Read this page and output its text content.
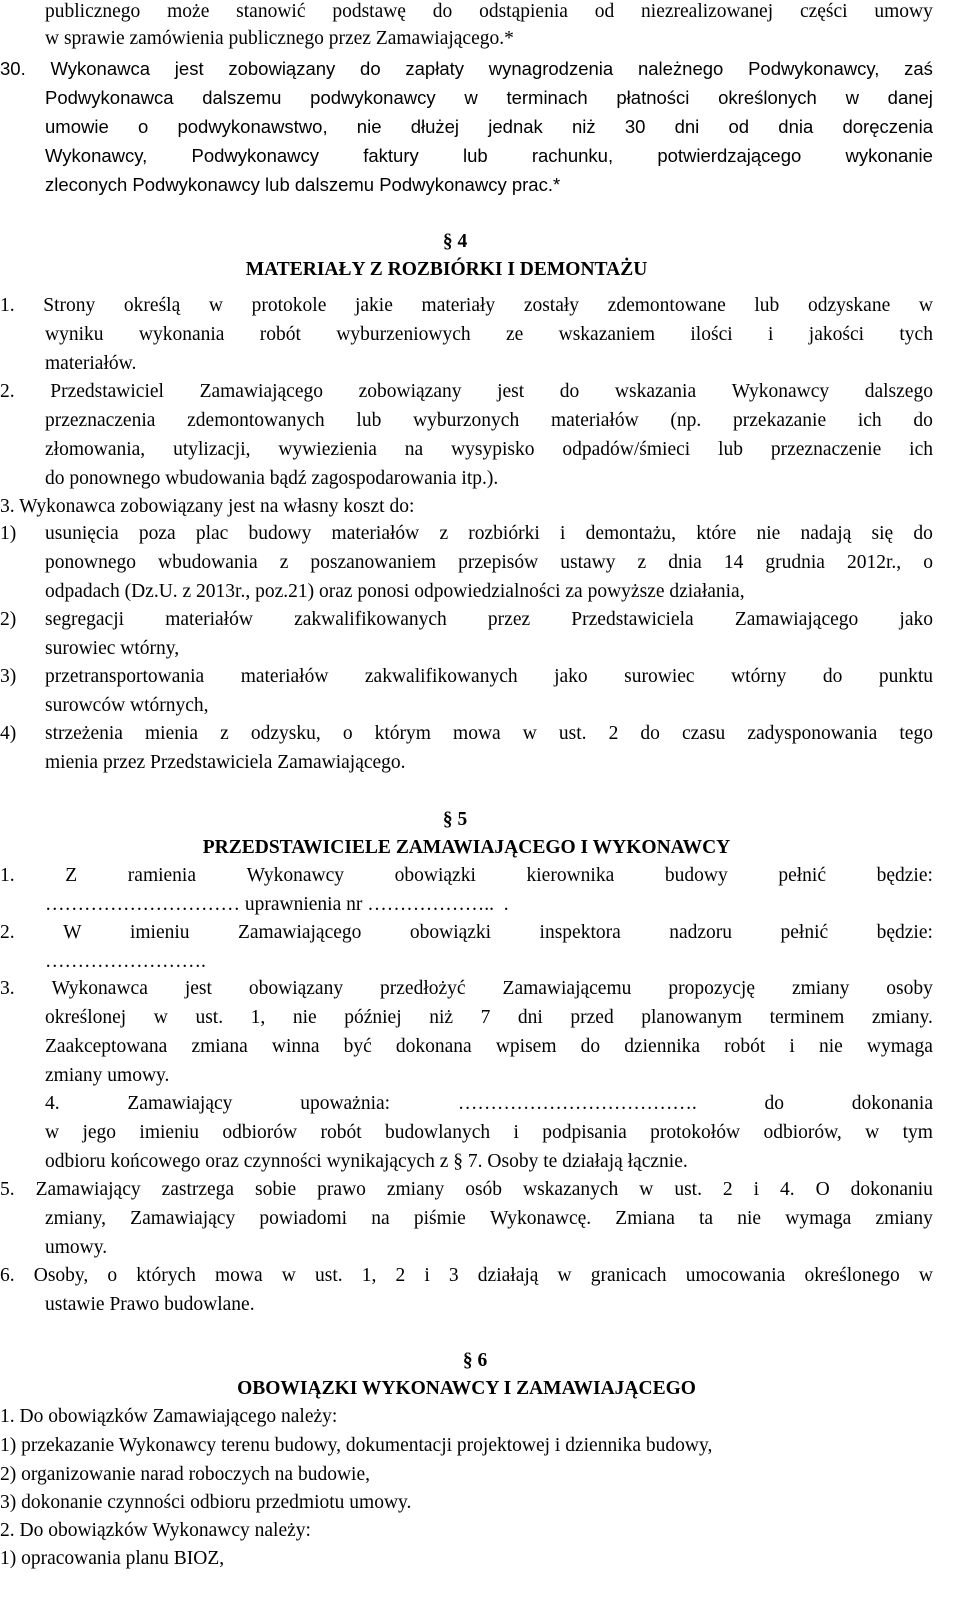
publicznego może stanowić podstawę do odstąpienia od niezrealizowanej części umowy
w sprawie zamówienia publicznego przez Zamawiającego.*
30. Wykonawca jest zobowiązany do zapłaty wynagrodzenia należnego Podwykonawcy, zaś
Podwykonawca dalszemu podwykonawcy w terminach płatności określonych w danej
umowie o podwykonawstwo, nie dłużej jednak niż 30 dni od dnia doręczenia
Wykonawcy, Podwykonawcy faktury lub rachunku, potwierdzającego wykonanie
zleconych Podwykonawcy lub dalszemu Podwykonawcy prac.*
§ 4
MATERIAŁY Z ROZBIÓRKI I DEMONTAŻU
1. Strony określą w protokole jakie materiały zostały zdemontowane lub odzyskane w
wyniku wykonania robót wyburzeniowych ze wskazaniem ilości i jakości tych
materiałów.
2. Przedstawiciel Zamawiającego zobowiązany jest do wskazania Wykonawcy dalszego
przeznaczenia zdemontowanych lub wyburzonych materiałów (np. przekazanie ich do
złomowania, utylizacji, wywiezienia na wysypisko odpadów/śmieci lub przeznaczenie ich
do ponownego wbudowania bądź zagospodarowania itp.).
3. Wykonawca zobowiązany jest na własny koszt do:
1) usunięcia poza plac budowy materiałów z rozbiórki i demontażu, które nie nadają się do
ponownego wbudowania z poszanowaniem przepisów ustawy z dnia 14 grudnia 2012r., o
odpadach (Dz.U. z 2013r., poz.21) oraz ponosi odpowiedzialności za powyższe działania,
2) segregacji materiałów zakwalifikowanych przez Przedstawiciela Zamawiającego jako
surowiec wtórny,
3) przetransportowania materiałów zakwalifikowanych jako surowiec wtórny do punktu
surowców wtórnych,
4) strzeżenia mienia z odzysku, o którym mowa w ust. 2 do czasu zadysponowania tego
mienia przez Przedstawiciela Zamawiającego.
§ 5
PRZEDSTAWICIELE ZAMAWIAJĄCEGO I WYKONAWCY
1.	Z	ramienia	Wykonawcy	obowiązki	kierownika	budowy	pełnić	będzie:
………………………… uprawnienia nr ………………..  .
2. W imieniu Zamawiającego obowiązki inspektora nadzoru pełnić będzie:
…………………….
3. Wykonawca jest obowiązany przedłożyć Zamawiającemu propozycję zmiany osoby
określonej w ust. 1, nie później niż 7 dni przed planowanym terminem zmiany.
Zaakceptowana zmiana winna być dokonana wpisem do dziennika robót i nie wymaga
zmiany umowy.
4.	Zamawiający	upoważnia:	……………………………….	do	dokonania
w jego imieniu odbiorów robót budowlanych i podpisania protokołów odbiorów, w tym
odbioru końcowego oraz czynności wynikających z § 7. Osoby te działają łącznie.
5. Zamawiający zastrzega sobie prawo zmiany osób wskazanych w ust. 2 i 4. O dokonaniu
zmiany, Zamawiający powiadomi na piśmie Wykonawcę. Zmiana ta nie wymaga zmiany
umowy.
6. Osoby, o których mowa w ust. 1, 2 i 3 działają w granicach umocowania określonego w
ustawie Prawo budowlane.
§ 6
OBOWIĄZKI WYKONAWCY I ZAMAWIAJĄCEGO
1. Do obowiązków Zamawiającego należy:
1) przekazanie Wykonawcy terenu budowy, dokumentacji projektowej i dziennika budowy,
2) organizowanie narad roboczych na budowie,
3) dokonanie czynności odbioru przedmiotu umowy.
2. Do obowiązków Wykonawcy należy:
1) opracowania planu BIOZ,
